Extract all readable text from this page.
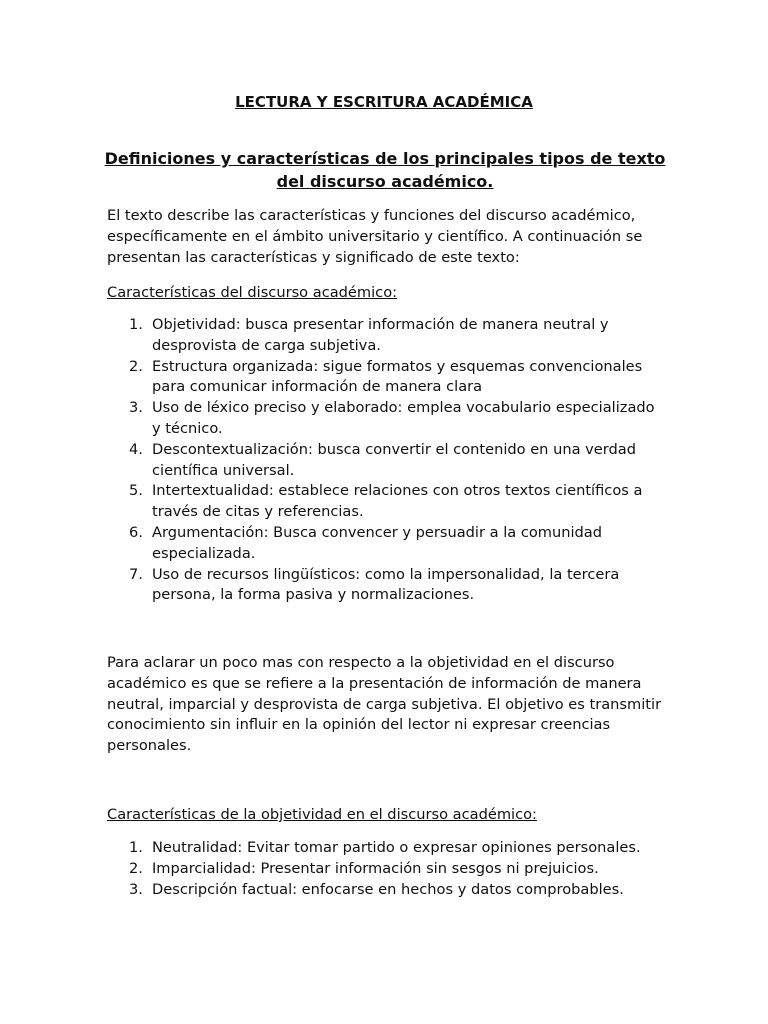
LECTURA Y ESCRITURA ACADÉMICA
Definiciones y características de los principales tipos de texto del discurso académico.

El texto describe las características y funciones del discurso académico, específicamente en el ámbito universitario y científico. A continuación se presentan las características y significado de este texto:

Características del discurso académico:

1. Objetividad: busca presentar información de manera neutral y desprovista de carga subjetiva.
2. Estructura organizada: sigue formatos y esquemas convencionales para comunicar información de manera clara
3. Uso de léxico preciso y elaborado: emplea vocabulario especializado y técnico.
4. Descontextualización: busca convertir el contenido en una verdad científica universal.
5. Intertextualidad: establece relaciones con otros textos científicos a través de citas y referencias.
6. Argumentación: Busca convencer y persuadir a la comunidad especializada.
7. Uso de recursos lingüísticos: como la impersonalidad, la tercera persona, la forma pasiva y normalizaciones.

Para aclarar un poco mas con respecto a la objetividad en el discurso académico es que se refiere a la presentación de información de manera neutral, imparcial y desprovista de carga subjetiva. El objetivo es transmitir conocimiento sin influir en la opinión del lector ni expresar creencias personales.

Características de la objetividad en el discurso académico:

1. Neutralidad: Evitar tomar partido o expresar opiniones personales.
2. Imparcialidad: Presentar información sin sesgos ni prejuicios.
3. Descripción factual: enfocarse en hechos y datos comprobables.
